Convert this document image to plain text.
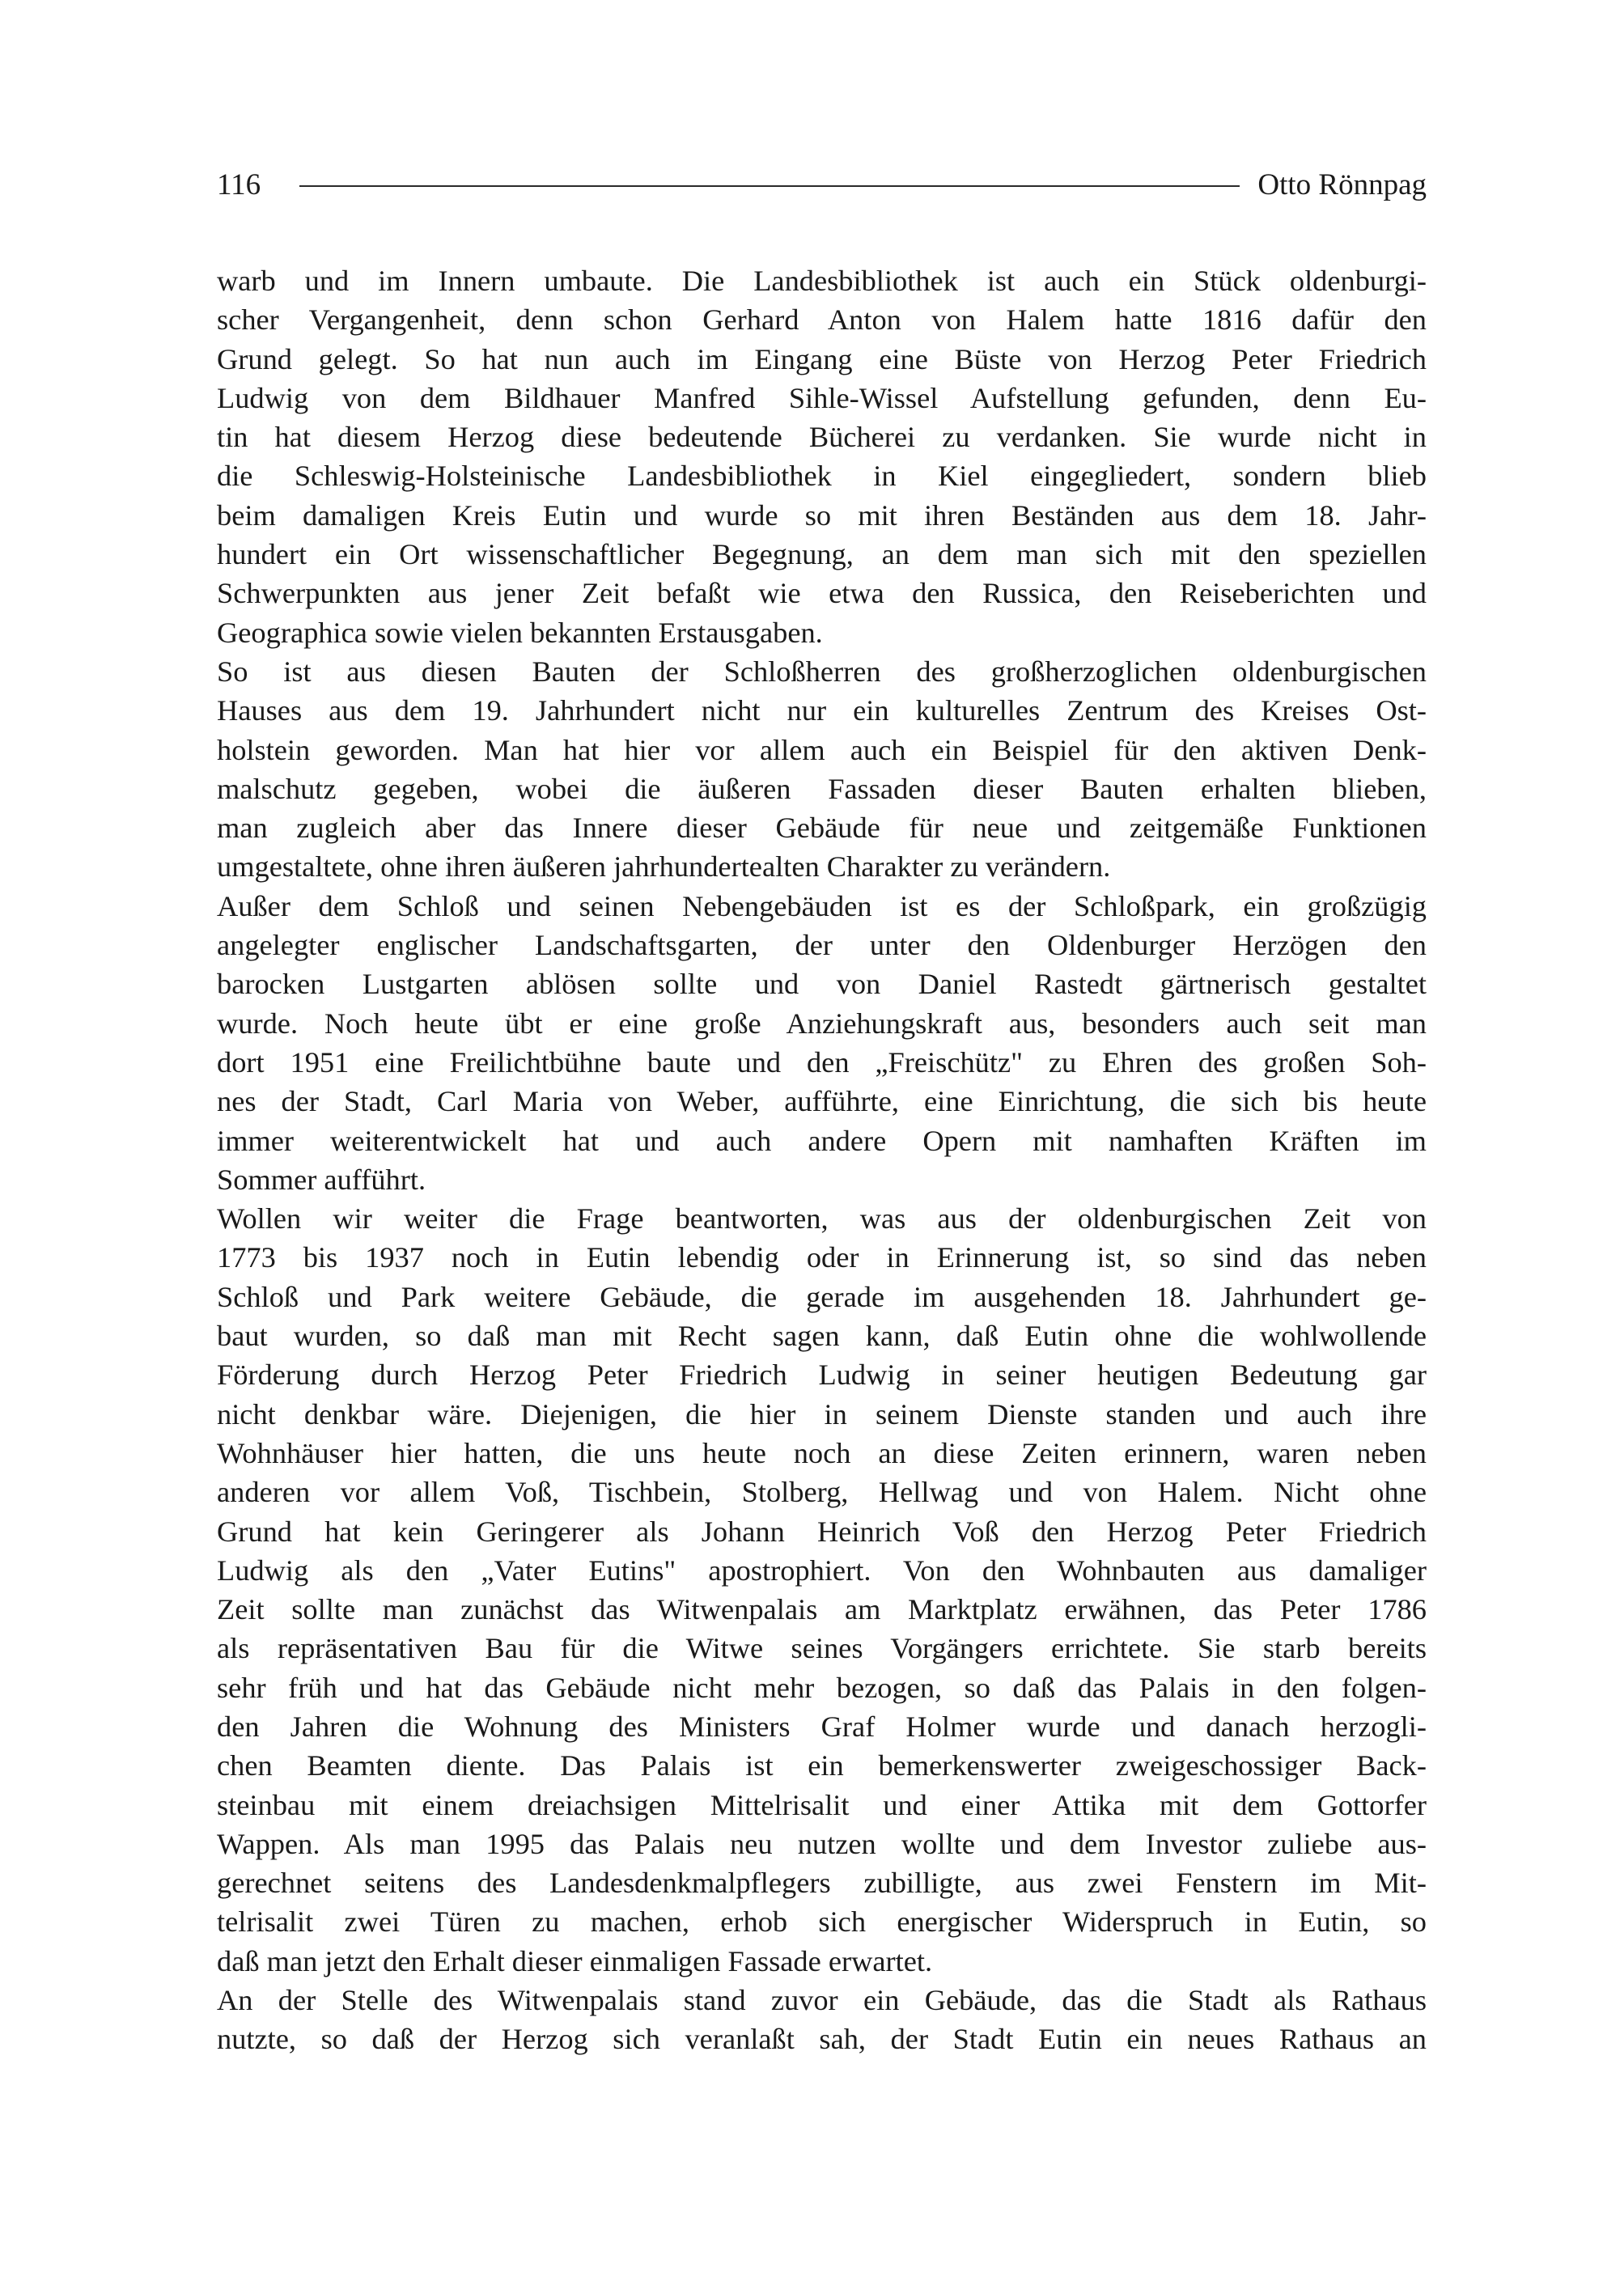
116	Otto Rönnpag
warb und im Innern umbaute. Die Landesbibliothek ist auch ein Stück oldenburgi-
scher Vergangenheit, denn schon Gerhard Anton von Halem hatte 1816 dafür den
Grund gelegt. So hat nun auch im Eingang eine Büste von Herzog Peter Friedrich
Ludwig von dem Bildhauer Manfred Sihle-Wissel Aufstellung gefunden, denn Eu-
tin hat diesem Herzog diese bedeutende Bücherei zu verdanken. Sie wurde nicht in
die Schleswig-Holsteinische Landesbibliothek in Kiel eingegliedert, sondern blieb
beim damaligen Kreis Eutin und wurde so mit ihren Beständen aus dem 18. Jahr-
hundert ein Ort wissenschaftlicher Begegnung, an dem man sich mit den speziellen
Schwerpunkten aus jener Zeit befaßt wie etwa den Russica, den Reiseberichten und
Geographica sowie vielen bekannten Erstausgaben.
So ist aus diesen Bauten der Schloßherren des großherzoglichen oldenburgischen
Hauses aus dem 19. Jahrhundert nicht nur ein kulturelles Zentrum des Kreises Ost-
holstein geworden. Man hat hier vor allem auch ein Beispiel für den aktiven Denk-
malschutz gegeben, wobei die äußeren Fassaden dieser Bauten erhalten blieben,
man zugleich aber das Innere dieser Gebäude für neue und zeitgemäße Funktionen
umgestaltete, ohne ihren äußeren jahrhundertealten Charakter zu verändern.
Außer dem Schloß und seinen Nebengebäuden ist es der Schloßpark, ein großzügig
angelegter englischer Landschaftsgarten, der unter den Oldenburger Herzögen den
barocken Lustgarten ablösen sollte und von Daniel Rastedt gärtnerisch gestaltet
wurde. Noch heute übt er eine große Anziehungskraft aus, besonders auch seit man
dort 1951 eine Freilichtbühne baute und den „Freischütz" zu Ehren des großen Soh-
nes der Stadt, Carl Maria von Weber, aufführte, eine Einrichtung, die sich bis heute
immer weiterentwickelt hat und auch andere Opern mit namhaften Kräften im
Sommer aufführt.
Wollen wir weiter die Frage beantworten, was aus der oldenburgischen Zeit von
1773 bis 1937 noch in Eutin lebendig oder in Erinnerung ist, so sind das neben
Schloß und Park weitere Gebäude, die gerade im ausgehenden 18. Jahrhundert ge-
baut wurden, so daß man mit Recht sagen kann, daß Eutin ohne die wohlwollende
Förderung durch Herzog Peter Friedrich Ludwig in seiner heutigen Bedeutung gar
nicht denkbar wäre. Diejenigen, die hier in seinem Dienste standen und auch ihre
Wohnhäuser hier hatten, die uns heute noch an diese Zeiten erinnern, waren neben
anderen vor allem Voß, Tischbein, Stolberg, Hellwag und von Halem. Nicht ohne
Grund hat kein Geringerer als Johann Heinrich Voß den Herzog Peter Friedrich
Ludwig als den „Vater Eutins" apostrophiert. Von den Wohnbauten aus damaliger
Zeit sollte man zunächst das Witwenpalais am Marktplatz erwähnen, das Peter 1786
als repräsentativen Bau für die Witwe seines Vorgängers errichtete. Sie starb bereits
sehr früh und hat das Gebäude nicht mehr bezogen, so daß das Palais in den folgen-
den Jahren die Wohnung des Ministers Graf Holmer wurde und danach herzogli-
chen Beamten diente. Das Palais ist ein bemerkenswerter zweigeschossiger Back-
steinbau mit einem dreiachsigen Mittelrisalit und einer Attika mit dem Gottorfer
Wappen. Als man 1995 das Palais neu nutzen wollte und dem Investor zuliebe aus-
gerechnet seitens des Landesdenkmalpflegers zubilligte, aus zwei Fenstern im Mit-
telrisalit zwei Türen zu machen, erhob sich energischer Widerspruch in Eutin, so
daß man jetzt den Erhalt dieser einmaligen Fassade erwartet.
An der Stelle des Witwenpalais stand zuvor ein Gebäude, das die Stadt als Rathaus
nutzte, so daß der Herzog sich veranlaßt sah, der Stadt Eutin ein neues Rathaus an
